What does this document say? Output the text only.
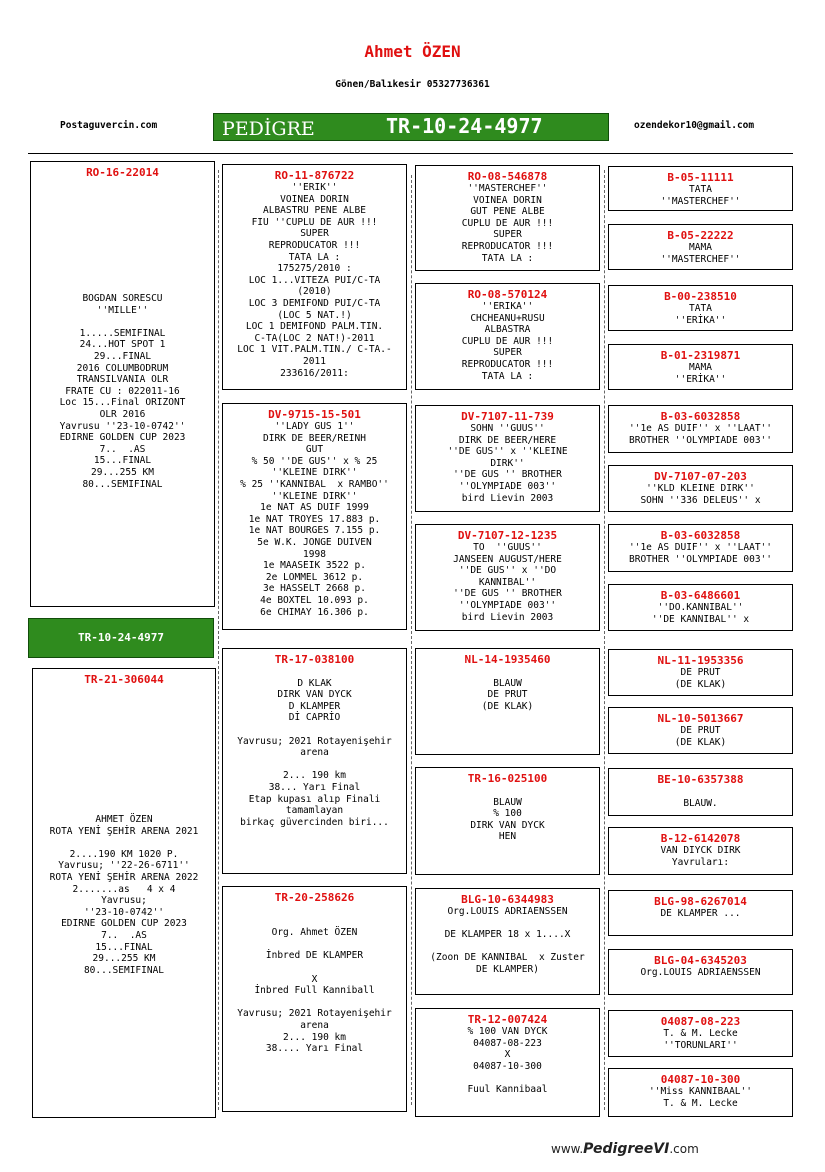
Ahmet ÖZEN
Gönen/Balıkesir 05327736361
Postaguvercin.com	ozendekor10@gmail.com
PEDİGRE	TR-10-24-4977
RO-16-22014
BOGDAN SORESCU
''MILLE''

1.....SEMIFINAL
24...HOT SPOT 1
29...FINAL
2016 COLUMBODRUM
TRANSILVANIA OLR
FRATE CU : 022011-16
Loc 15...Final ORIZONT
OLR 2016
Yavrusu ''23-10-0742''
EDIRNE GOLDEN CUP 2023
7..  .AS
15...FINAL
29...255 KM
80...SEMIFINAL
TR-10-24-4977
TR-21-306044
AHMET ÖZEN
ROTA YENİ ŞEHİR ARENA 2021

2....190 KM 1020 P.
Yavrusu; ''22-26-6711''
ROTA YENİ ŞEHİR ARENA 2022
2.......as   4 x 4
Yavrusu;
''23-10-0742''
EDIRNE GOLDEN CUP 2023
7..  .AS
15...FINAL
29...255 KM
80...SEMIFINAL
RO-11-876722
''ERIK''
VOINEA DORIN
ALBASTRU PENE ALBE
FIU ''CUPLU DE AUR !!!
SUPER
REPRODUCATOR !!!
TATA LA :
175275/2010 :
LOC 1...VITEZA PUI/C-TA
(2010)
LOC 3 DEMIFOND PUI/C-TA
(LOC 5 NAT.!)
LOC 1 DEMIFOND PALM.TIN.
C-TA(LOC 2 NAT!)-2011
LOC 1 VIT.PALM.TIN./ C-TA.-
2011
233616/2011:
DV-9715-15-501
''LADY GUS 1''
DIRK DE BEER/REINH
GUT
% 50 ''DE GUS'' x % 25
''KLEINE DIRK''
% 25 ''KANNIBAL  x RAMBO''
''KLEINE DIRK''
1e NAT AS DUIF 1999
1e NAT TROYES 17.883 p.
1e NAT BOURGES 7.155 p.
5e W.K. JONGE DUIVEN
1998
1e MAASEIK 3522 p.
2e LOMMEL 3612 p.
3e HASSELT 2668 p.
4e BOXTEL 10.093 p.
6e CHIMAY 16.306 p.
TR-17-038100

D KLAK
DIRK VAN DYCK
D KLAMPER
Dİ CAPRİO

Yavrusu; 2021 Rotayenişehir
arena

2... 190 km
38... Yarı Final
Etap kupası alıp Finali
tamamlayan
birkaç güvercinden biri...
TR-20-258626

Org. Ahmet ÖZEN

İnbred DE KLAMPER

X
İnbred Full Kanniball

Yavrusu; 2021 Rotayenişehir
arena
2... 190 km
38.... Yarı Final
RO-08-546878
''MASTERCHEF''
VOINEA DORIN
GUT PENE ALBE
CUPLU DE AUR !!!
SUPER
REPRODUCATOR !!!
TATA LA :
RO-08-570124
''ERIKA''
CHCHEANU+RUSU
ALBASTRA
CUPLU DE AUR !!!
SUPER
REPRODUCATOR !!!
TATA LA :
DV-7107-11-739
SOHN ''GUUS''
DIRK DE BEER/HERE
''DE GUS'' x ''KLEINE
DIRK''
''DE GUS '' BROTHER
''OLYMPIADE 003''
bird Lievin 2003
DV-7107-12-1235
TO  ''GUUS''
JANSEEN AUGUST/HERE
''DE GUS'' x ''DO
KANNIBAL''
''DE GUS '' BROTHER
''OLYMPIADE 003''
bird Lievin 2003
NL-14-1935460

BLAUW
DE PRUT
(DE KLAK)
TR-16-025100

BLAUW
% 100
DIRK VAN DYCK
HEN
BLG-10-6344983
Org.LOUIS ADRIAENSSEN

DE KLAMPER 18 x 1....X

(Zoon DE KANNIBAL  x Zuster
DE KLAMPER)
TR-12-007424
% 100 VAN DYCK
04087-08-223
X
04087-10-300

Fuul Kannibaal
B-05-11111
TATA
''MASTERCHEF''
B-05-22222
MAMA
''MASTERCHEF''
B-00-238510
TATA
''ERİKA''
B-01-2319871
MAMA
''ERİKA''
B-03-6032858
''1e AS DUIF'' x ''LAAT''
BROTHER ''OLYMPIADE 003''
DV-7107-07-203
''KLD KLEINE DIRK''
SOHN ''336 DELEUS'' x
B-03-6032858
''1e AS DUIF'' x ''LAAT''
BROTHER ''OLYMPIADE 003''
B-03-6486601
''DO.KANNIBAL''
''DE KANNIBAL'' x
NL-11-1953356
DE PRUT
(DE KLAK)
NL-10-5013667
DE PRUT
(DE KLAK)
BE-10-6357388

BLAUW.
B-12-6142078
VAN DIYCK DIRK
Yavruları:
BLG-98-6267014
DE KLAMPER ...
BLG-04-6345203
Org.LOUIS ADRIAENSSEN
04087-08-223
T. & M. Lecke
''TORUNLARI''
04087-10-300
''Miss KANNIBAAL''
T. & M. Lecke
www.PedigreeVI.com
